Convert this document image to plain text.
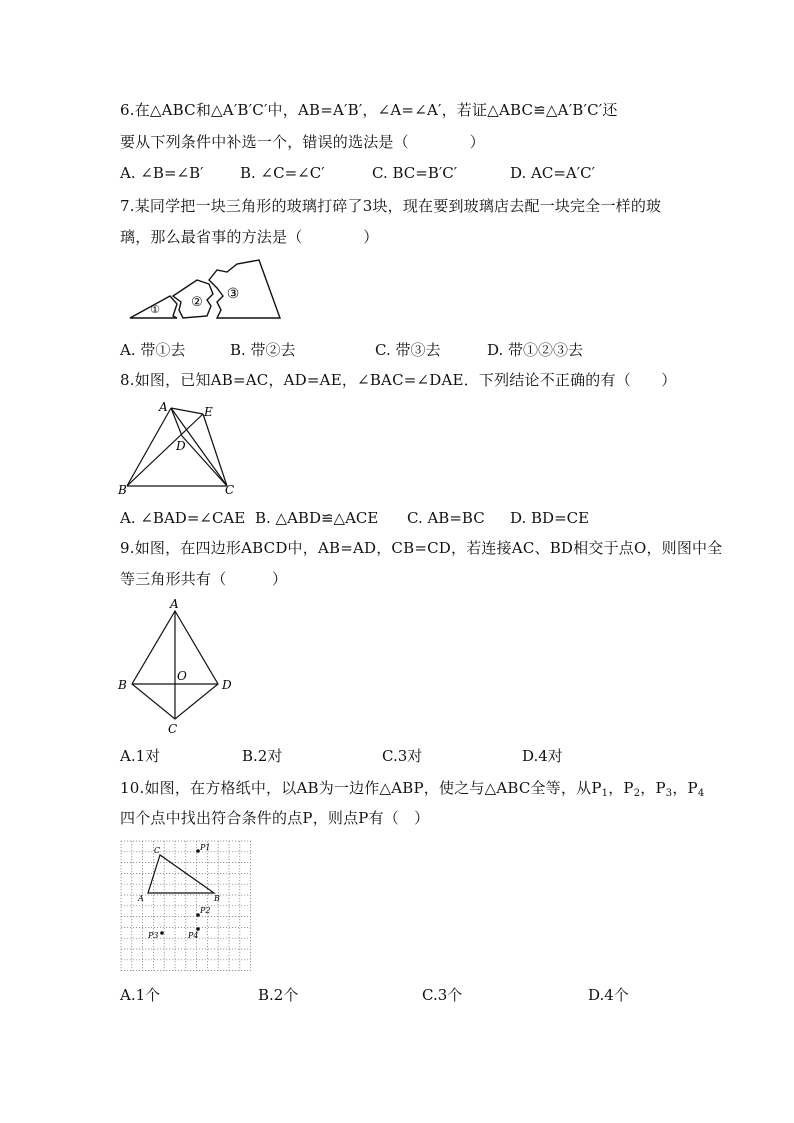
6.在△ABC和△A′B′C′中，AB=A′B′，∠A=∠A′，若证△ABC≌△A′B′C′还
要从下列条件中补选一个，错误的选法是（　　　　）
A. ∠B=∠B′ B. ∠C=∠C′	C. BC=B′C′	D. AC=A′C′
7.某同学把一块三角形的玻璃打碎了3块，现在要到玻璃店去配一块完全一样的玻
璃，那么最省事的方法是（　　　　）
① ②
③
A. 带①去	B. 带②去	C. 带③去	D. 带①②③去
8.如图，已知AB=AC，AD=AE，∠BAC=∠DAE．下列结论不正确的有（　　）
A	E
D
B	C
A. ∠BAD=∠CAE B. △ABD≌△ACE C. AB=BC D. BD=CE
9.如图，在四边形ABCD中，AB=AD，CB=CD，若连接AC、BD相交于点O，则图中全
等三角形共有（　　　）
A
B
O
D
C
A.1对	B.2对	C.3对	D.4对
10.如图，在方格纸中，以AB为一边作△ABP，使之与△ABC全等，从$P_1$，$P_2$，$P_3$，$P_4$
四个点中找出符合条件的点P，则点P有（　）
A	B
C	P1
P2
P3	P4
A.1个	B.2个	C.3个	D.4个
